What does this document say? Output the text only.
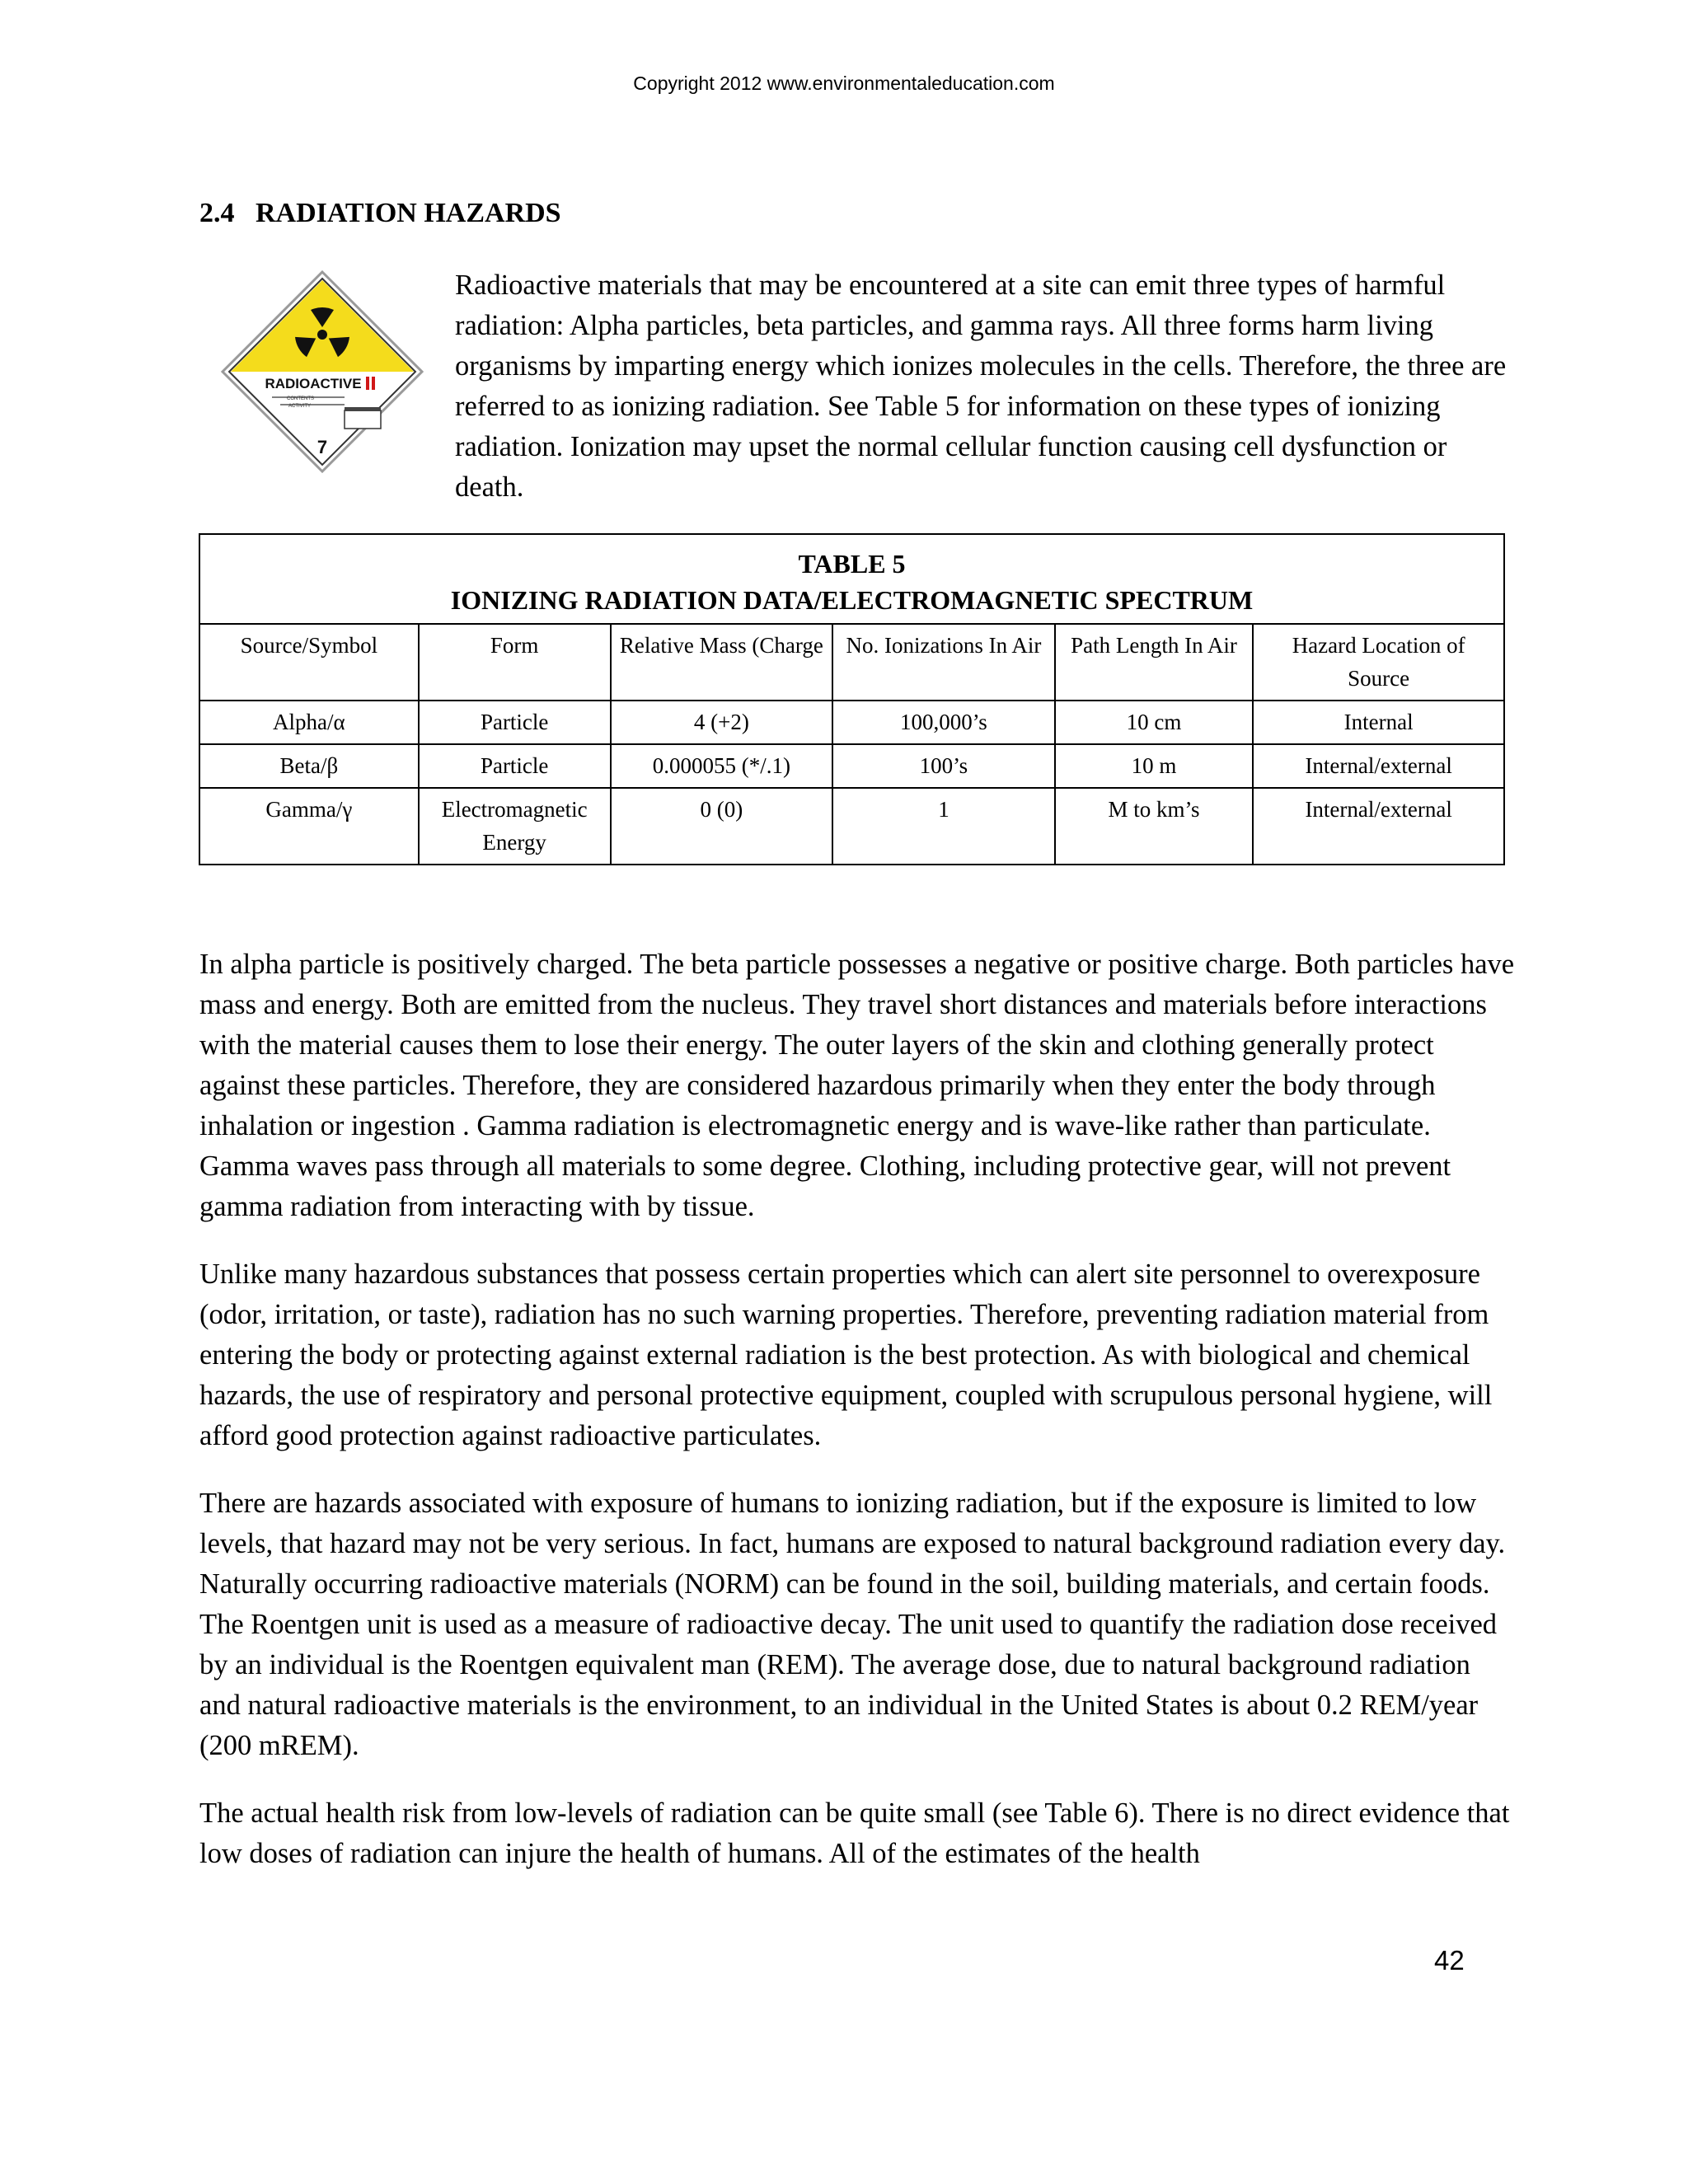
Copyright 2012 www.environmentaleducation.com
2.4   RADIATION HAZARDS
RADIOACTIVE
CONTENTS
ACTIVITY
7

Radioactive materials that may be encountered at a site can emit three types of harmful radiation: Alpha particles, beta particles, and gamma rays. All three forms harm living organisms by imparting energy which ionizes molecules in the cells. Therefore, the three are referred to as ionizing radiation. See Table 5 for information on these types of ionizing radiation. Ionization may upset the normal cellular function causing cell dysfunction or death.

TABLE 5
IONIZING RADIATION DATA/ELECTROMAGNETIC SPECTRUM					

Source/Symbol	Form	Relative Mass (Charge	No. Ionizations In Air	Path Length In Air	Hazard Location of Source
Alpha/α	Particle	4 (+2)	100,000’s	10 cm	Internal
Beta/β	Particle	0.000055 (*/.1)	100’s	10 m	Internal/external
Gamma/γ	Electromagnetic Energy	0 (0)	1	M to km’s	Internal/external

In alpha particle is positively charged. The beta particle possesses a negative or positive charge. Both particles have mass and energy. Both are emitted from the nucleus. They travel short distances and materials before interactions with the material causes them to lose their energy. The outer layers of the skin and clothing generally protect against these particles. Therefore, they are considered hazardous primarily when they enter the body through inhalation or ingestion . Gamma radiation is electromagnetic energy and is wave-like rather than particulate. Gamma waves pass through all materials to some degree. Clothing, including protective gear, will not prevent gamma radiation from interacting with by tissue.

Unlike many hazardous substances that possess certain properties which can alert site personnel to overexposure (odor, irritation, or taste), radiation has no such warning properties. Therefore, preventing radiation material from entering the body or protecting against external radiation is the best protection. As with biological and chemical hazards, the use of respiratory and personal protective equipment, coupled with scrupulous personal hygiene, will afford good protection against radioactive particulates.

There are hazards associated with exposure of humans to ionizing radiation, but if the exposure is limited to low levels, that hazard may not be very serious. In fact, humans are exposed to natural background radiation every day. Naturally occurring radioactive materials (NORM) can be found in the soil, building materials, and certain foods. The Roentgen unit is used as a measure of radioactive decay. The unit used to quantify the radiation dose received by an individual is the Roentgen equivalent man (REM). The average dose, due to natural background radiation and natural radioactive materials is the environment, to an individual in the United States is about 0.2 REM/year (200 mREM).

The actual health risk from low-levels of radiation can be quite small (see Table 6). There is no direct evidence that low doses of radiation can injure the health of humans. All of the estimates of the health

42
